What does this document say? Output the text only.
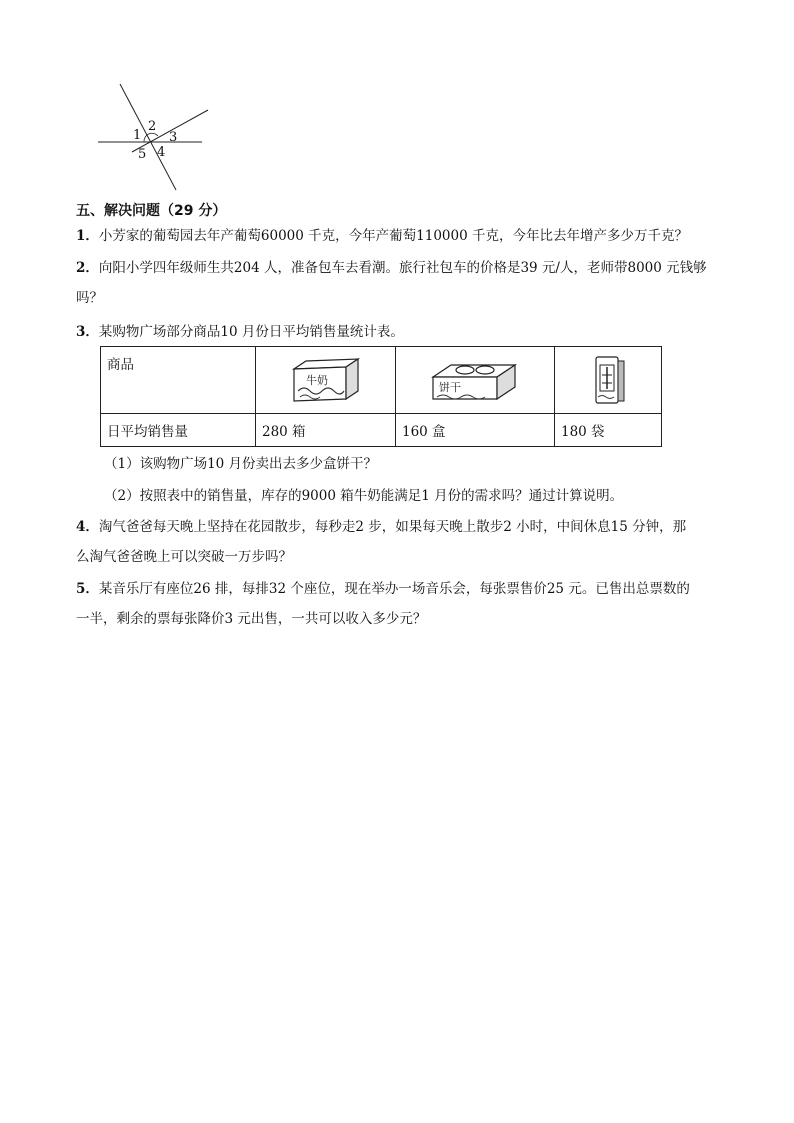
1
2
3
4
5
五、解决问题（29 分）
1．小芳家的葡萄园去年产葡萄60000 千克，今年产葡萄110000 千克，今年比去年增产多少万千克？
2．向阳小学四年级师生共204 人，准备包车去看潮。旅行社包车的价格是39 元/人，老师带8000 元钱够
吗？
3．某购物广场部分商品10 月份日平均销售量统计表。
商品	牛奶	饼干

日平均销售量	280 箱	160 盒	180 袋
（1）该购物广场10 月份卖出去多少盒饼干？
（2）按照表中的销售量，库存的9000 箱牛奶能满足1 月份的需求吗？通过计算说明。
4．淘气爸爸每天晚上坚持在花园散步，每秒走2 步，如果每天晚上散步2 小时，中间休息15 分钟，那
么淘气爸爸晚上可以突破一万步吗？
5．某音乐厅有座位26 排，每排32 个座位，现在举办一场音乐会，每张票售价25 元。已售出总票数的
一半，剩余的票每张降价3 元出售，一共可以收入多少元？
